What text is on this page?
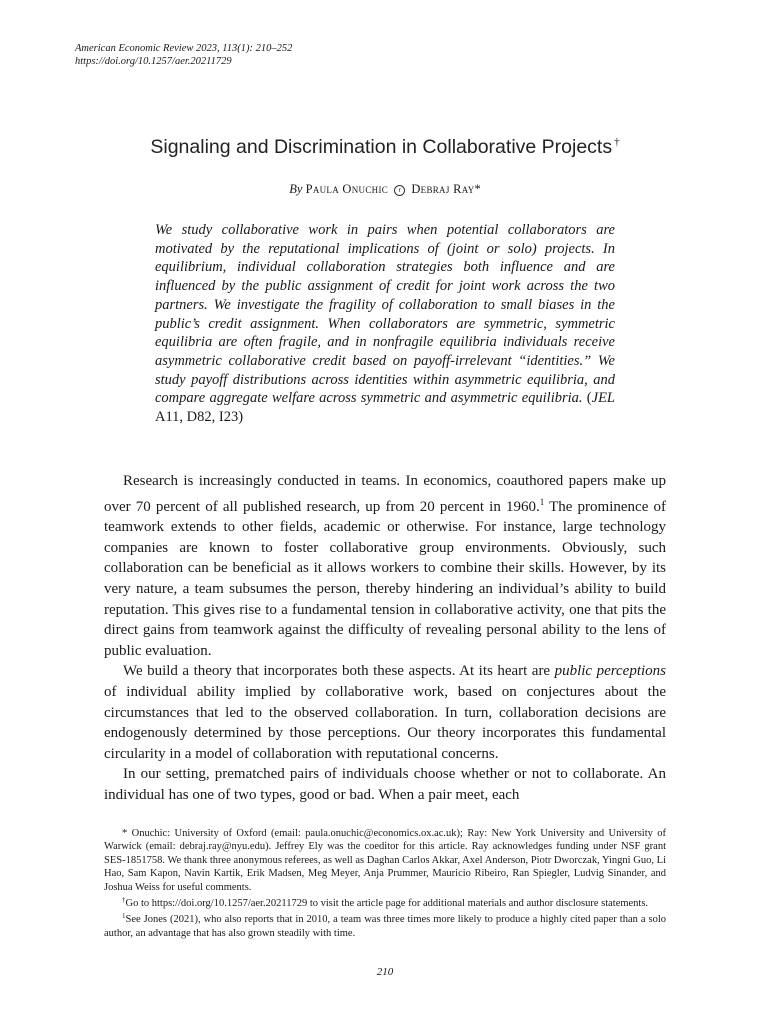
American Economic Review 2023, 113(1): 210–252
https://doi.org/10.1257/aer.20211729
Signaling and Discrimination in Collaborative Projects †
By Paula Onuchic r Debraj Ray*
We study collaborative work in pairs when potential collaborators are motivated by the reputational implications of (joint or solo) projects. In equilibrium, individual collaboration strategies both influence and are influenced by the public assignment of credit for joint work across the two partners. We investigate the fragility of collaboration to small biases in the public’s credit assignment. When collaborators are symmetric, symmetric equilibria are often fragile, and in nonfragile equilibria individuals receive asymmetric collaborative credit based on payoff-irrelevant “identities.” We study payoff distributions across identities within asymmetric equilibria, and compare aggregate welfare across symmetric and asymmetric equilibria. (JEL A11, D82, I23)

Research is increasingly conducted in teams. In economics, coauthored papers make up over 70 percent of all published research, up from 20 percent in 1960.$^1$ The prominence of teamwork extends to other fields, academic or otherwise. For instance, large technology companies are known to foster collaborative group environments. Obviously, such collaboration can be beneficial as it allows workers to combine their skills. However, by its very nature, a team subsumes the person, thereby hindering an individual’s ability to build reputation. This gives rise to a fundamental tension in collaborative activity, one that pits the direct gains from teamwork against the difficulty of revealing personal ability to the lens of public evaluation.

We build a theory that incorporates both these aspects. At its heart are public perceptions of individual ability implied by collaborative work, based on conjectures about the circumstances that led to the observed collaboration. In turn, collaboration decisions are endogenously determined by those perceptions. Our theory incorporates this fundamental circularity in a model of collaboration with reputational concerns.

In our setting, prematched pairs of individuals choose whether or not to collaborate. An individual has one of two types, good or bad. When a pair meet, each

* Onuchic: University of Oxford (email: paula.onuchic@economics.ox.ac.uk); Ray: New York University and University of Warwick (email: debraj.ray@nyu.edu). Jeffrey Ely was the coeditor for this article. Ray acknowledges funding under NSF grant SES-1851758. We thank three anonymous referees, as well as Daghan Carlos Akkar, Axel Anderson, Piotr Dworczak, Yingni Guo, Li Hao, Sam Kapon, Navin Kartik, Erik Madsen, Meg Meyer, Anja Prummer, Mauricio Ribeiro, Ran Spiegler, Ludvig Sinander, and Joshua Weiss for useful comments.

†Go to https://doi.org/10.1257/aer.20211729 to visit the article page for additional materials and author disclosure statements.

$^1$See Jones (2021), who also reports that in 2010, a team was three times more likely to produce a highly cited paper than a solo author, an advantage that has also grown steadily with time.

210
